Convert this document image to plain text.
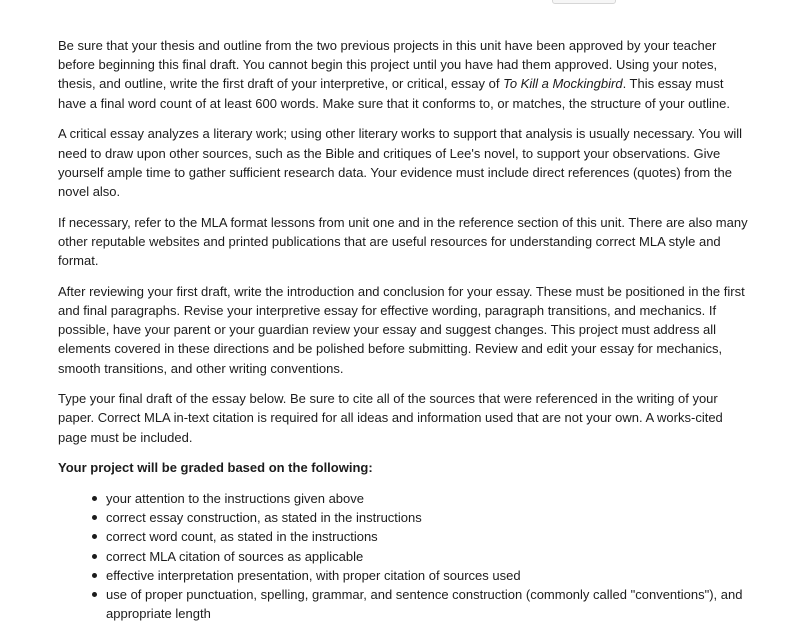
Be sure that your thesis and outline from the two previous projects in this unit have been approved by your teacher before beginning this final draft. You cannot begin this project until you have had them approved. Using your notes, thesis, and outline, write the first draft of your interpretive, or critical, essay of To Kill a Mockingbird. This essay must have a final word count of at least 600 words. Make sure that it conforms to, or matches, the structure of your outline.

A critical essay analyzes a literary work; using other literary works to support that analysis is usually necessary. You will need to draw upon other sources, such as the Bible and critiques of Lee's novel, to support your observations. Give yourself ample time to gather sufficient research data. Your evidence must include direct references (quotes) from the novel also.

If necessary, refer to the MLA format lessons from unit one and in the reference section of this unit. There are also many other reputable websites and printed publications that are useful resources for understanding correct MLA style and format.

After reviewing your first draft, write the introduction and conclusion for your essay. These must be positioned in the first and final paragraphs. Revise your interpretive essay for effective wording, paragraph transitions, and mechanics. If possible, have your parent or your guardian review your essay and suggest changes. This project must address all elements covered in these directions and be polished before submitting. Review and edit your essay for mechanics, smooth transitions, and other writing conventions.

Type your final draft of the essay below. Be sure to cite all of the sources that were referenced in the writing of your paper. Correct MLA in-text citation is required for all ideas and information used that are not your own. A works-cited page must be included.

Your project will be graded based on the following:

your attention to the instructions given above
correct essay construction, as stated in the instructions
correct word count, as stated in the instructions
correct MLA citation of sources as applicable
effective interpretation presentation, with proper citation of sources used
use of proper punctuation, spelling, grammar, and sentence construction (commonly called "conventions"), and appropriate length
